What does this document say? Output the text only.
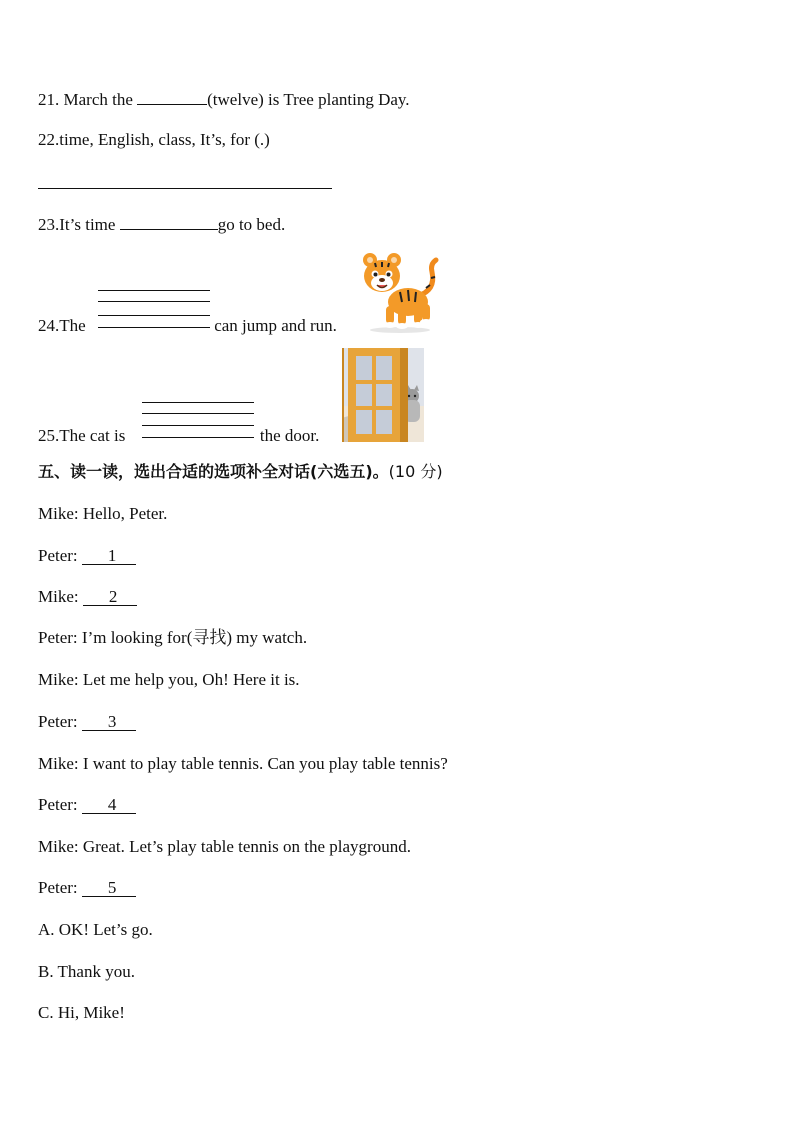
21. March the	(twelve) is Tree planting Day.
22.time, English, class, It’s, for (.)
23.It’s time	go to bed.
24.The	can jump and run.
25.The cat is	the door.
五、读一读，选出合适的选项补全对话(六选五)。(10 分)
Mike: Hello, Peter.
Peter: 1
Mike: 2
Peter: I’m looking for(寻找) my watch.
Mike: Let me help you, Oh! Here it is.
Peter: 3
Mike: I want to play table tennis. Can you play table tennis?
Peter: 4
Mike: Great. Let’s play table tennis on the playground.
Peter: 5
A. OK! Let’s go.
B. Thank you.
C. Hi, Mike!
